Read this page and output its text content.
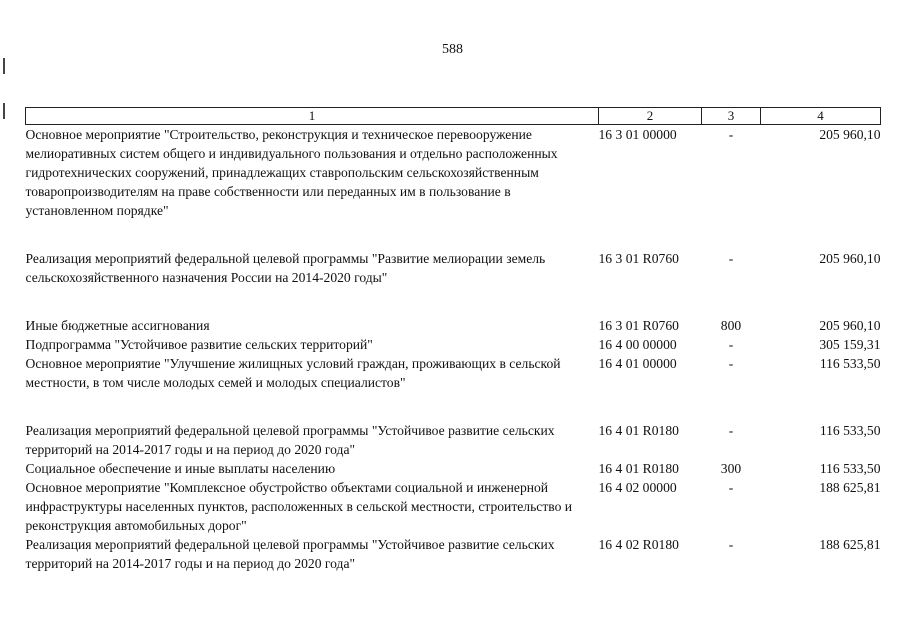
588
1	2	3	4
Основное мероприятие "Строительство, реконструкция и техническое перевооружение мелиоративных систем общего и индивидуального пользования и отдельно расположенных гидротехнических сооружений, принадлежащих ставропольским сельскохозяйственным товаропроизводителям на праве собственности или переданных им в пользование в установленном порядке"	16 3 01 00000	-	205 960,10
Реализация мероприятий федеральной целевой программы "Развитие мелиорации земель сельскохозяйственного назначения России на 2014-2020 годы"	16 3 01 R0760	-	205 960,10
Иные бюджетные ассигнования	16 3 01 R0760	800	205 960,10
Подпрограмма "Устойчивое развитие сельских территорий"	16 4 00 00000	-	305 159,31
Основное мероприятие "Улучшение жилищных условий граждан, проживающих в сельской местности, в том числе молодых семей и молодых специалистов"	16 4 01 00000	-	116 533,50
Реализация мероприятий федеральной целевой программы "Устойчивое развитие сельских территорий на 2014-2017 годы и на период до 2020 года"	16 4 01 R0180	-	116 533,50
Социальное обеспечение и иные выплаты населению	16 4 01 R0180	300	116 533,50
Основное мероприятие "Комплексное обустройство объектами социальной и инженерной инфраструктуры населенных пунктов, расположенных в сельской местности, строительство и реконструкция автомобильных дорог"	16 4 02 00000	-	188 625,81
Реализация мероприятий федеральной целевой программы "Устойчивое развитие сельских территорий на 2014-2017 годы и на период до 2020 года"	16 4 02 R0180	-	188 625,81
